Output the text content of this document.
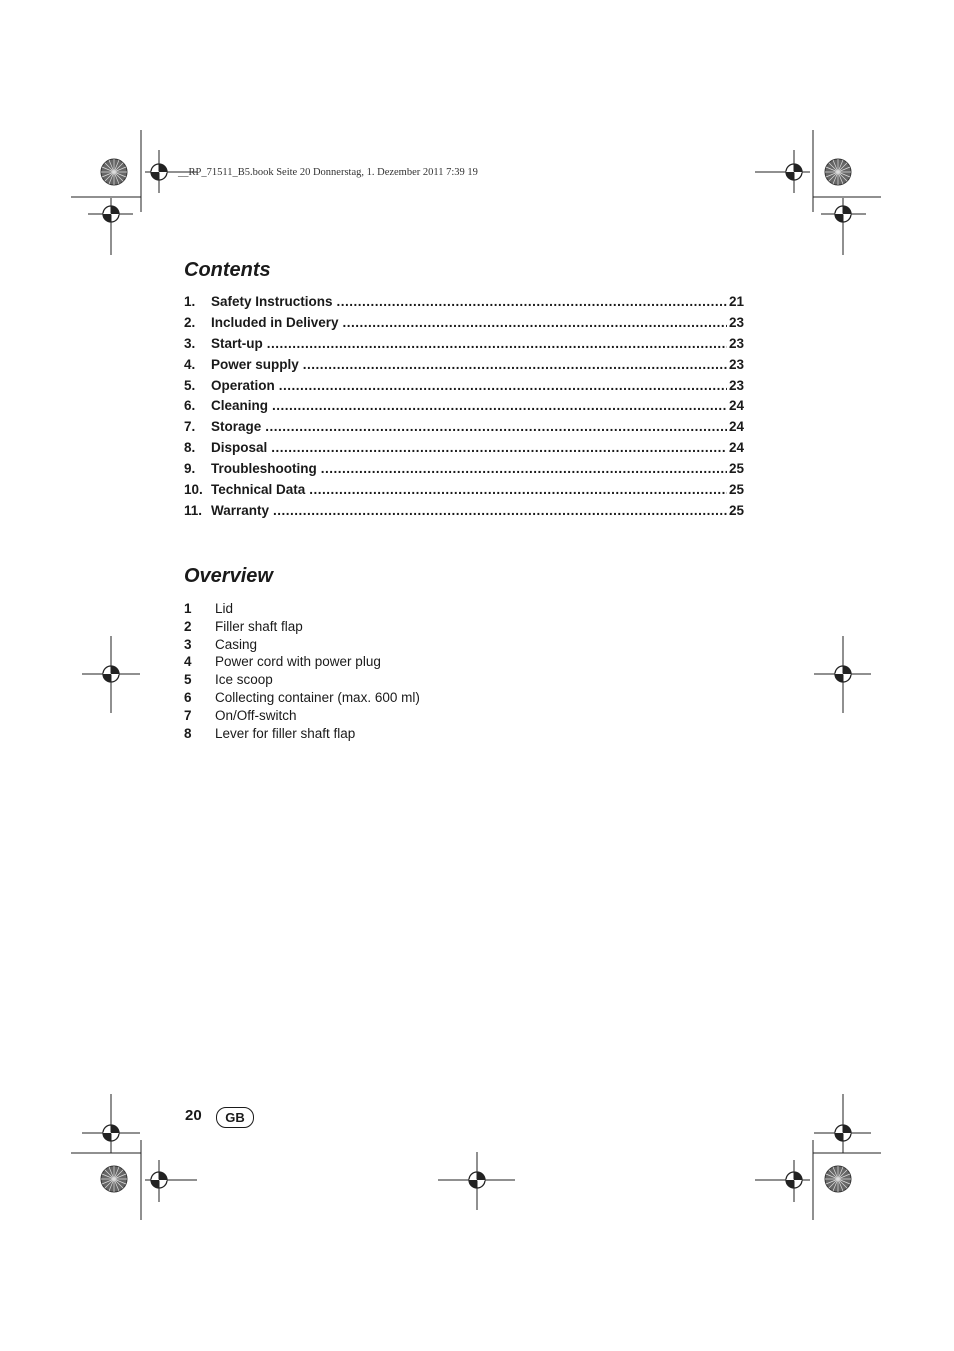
__RP_71511_B5.book Seite 20 Donnerstag, 1. Dezember 2011 7:39 19
Contents
1.	Safety Instructions .....	21
2.	Included in Delivery .....	23
3.	Start-up .....	23
4.	Power supply .....	23
5.	Operation .....	23
6.	Cleaning .....	24
7.	Storage .....	24
8.	Disposal .....	24
9.	Troubleshooting .....	25
10. Technical Data .....	25
11. Warranty .....	25
Overview
1	Lid
2	Filler shaft flap
3	Casing
4	Power cord with power plug
5	Ice scoop
6	Collecting container (max. 600 ml)
7	On/Off-switch
8	Lever for filler shaft flap
20	GB
